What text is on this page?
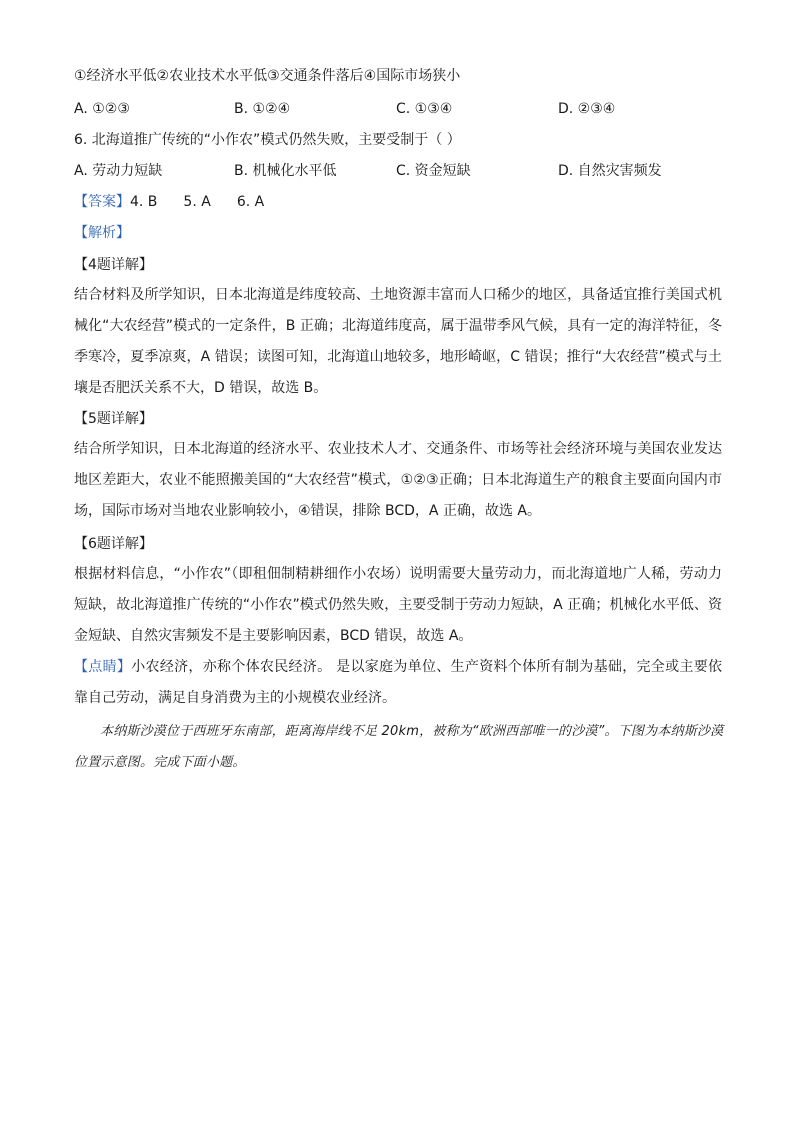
①经济水平低②农业技术水平低③交通条件落后④国际市场狭小
A. ①②③	B. ①②④	C. ①③④	D. ②③④
6. 北海道推广传统的“小作农”模式仍然失败，主要受制于（ ）
A. 劳动力短缺	B. 机械化水平低	C. 资金短缺	D. 自然灾害频发
【答案】4. B 5. A 6. A
【解析】
【4题详解】
结合材料及所学知识，日本北海道是纬度较高、土地资源丰富而人口稀少的地区，具备适宜推行美国式机械化“大农经营”模式的一定条件，B 正确；北海道纬度高，属于温带季风气候，具有一定的海洋特征，冬季寒冷，夏季凉爽，A 错误；读图可知，北海道山地较多，地形崎岖，C 错误；推行“大农经营”模式与土壤是否肥沃关系不大，D 错误，故选 B。
【5题详解】
结合所学知识，日本北海道的经济水平、农业技术人才、交通条件、市场等社会经济环境与美国农业发达地区差距大，农业不能照搬美国的“大农经营”模式，①②③正确；日本北海道生产的粮食主要面向国内市场，国际市场对当地农业影响较小，④错误，排除 BCD，A 正确，故选 A。
【6题详解】
根据材料信息，“小作农”（即租佃制精耕细作小农场）说明需要大量劳动力，而北海道地广人稀，劳动力短缺，故北海道推广传统的“小作农”模式仍然失败，主要受制于劳动力短缺，A 正确；机械化水平低、资金短缺、自然灾害频发不是主要影响因素，BCD 错误，故选 A。
【点睛】小农经济，亦称个体农民经济。 是以家庭为单位、生产资料个体所有制为基础，完全或主要依靠自己劳动，满足自身消费为主的小规模农业经济。
本纳斯沙漠位于西班牙东南部，距离海岸线不足 20km，被称为“欧洲西部唯一的沙漠”。下图为本纳斯沙漠位置示意图。完成下面小题。
